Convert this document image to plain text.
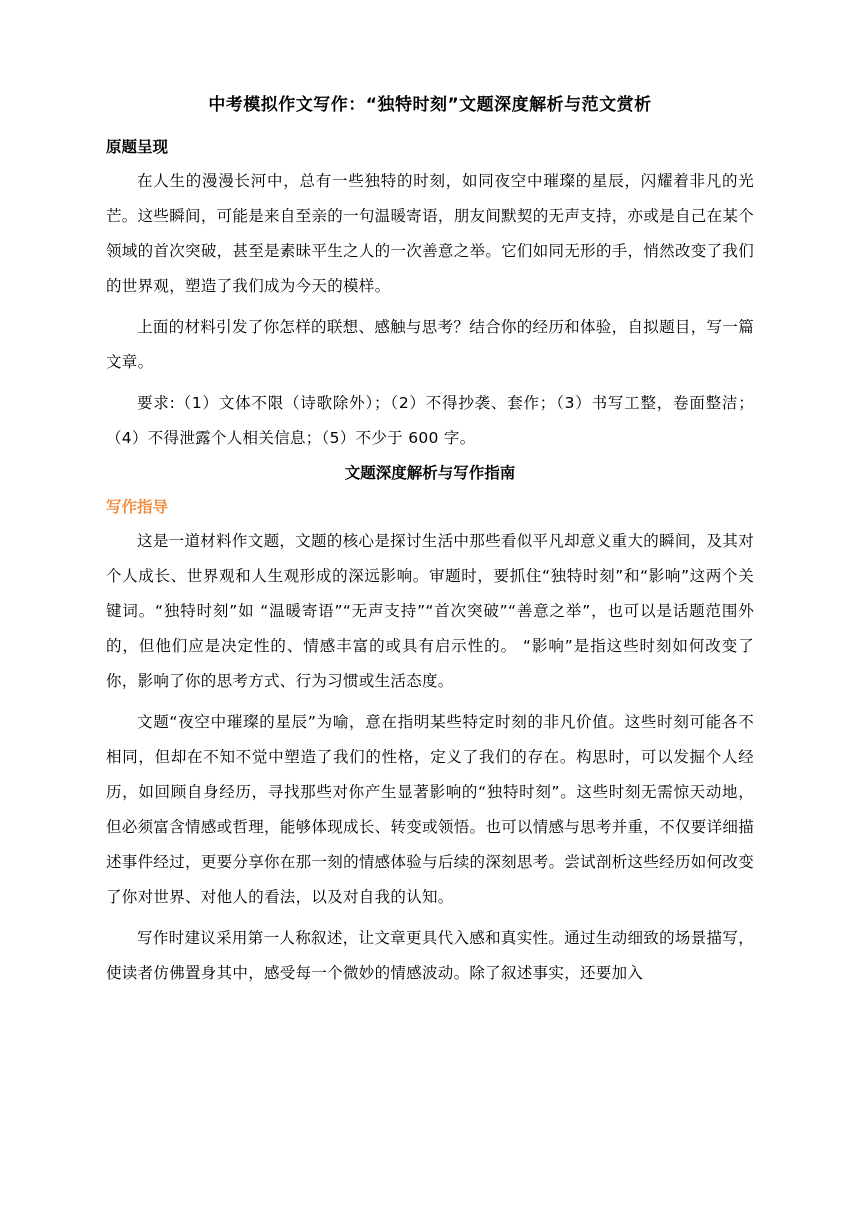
中考模拟作文写作：“独特时刻”文题深度解析与范文赏析
原题呈现

在人生的漫漫长河中，总有一些独特的时刻，如同夜空中璀璨的星辰，闪耀着非凡的光芒。这些瞬间，可能是来自至亲的一句温暖寄语，朋友间默契的无声支持，亦或是自己在某个领域的首次突破，甚至是素昧平生之人的一次善意之举。它们如同无形的手，悄然改变了我们的世界观，塑造了我们成为今天的模样。

上面的材料引发了你怎样的联想、感触与思考？结合你的经历和体验，自拟题目，写一篇文章。

要求:（1）文体不限（诗歌除外）；（2）不得抄袭、套作；（3）书写工整，卷面整洁；（4）不得泄露个人相关信息；（5）不少于 600 字。

文题深度解析与写作指南
写作指导

这是一道材料作文题，文题的核心是探讨生活中那些看似平凡却意义重大的瞬间，及其对个人成长、世界观和人生观形成的深远影响。审题时，要抓住“独特时刻”和“影响”这两个关键词。“独特时刻”如 “温暖寄语”“无声支持”“首次突破”“善意之举”，也可以是话题范围外的，但他们应是决定性的、情感丰富的或具有启示性的。 “影响”是指这些时刻如何改变了你，影响了你的思考方式、行为习惯或生活态度。

文题“夜空中璀璨的星辰”为喻，意在指明某些特定时刻的非凡价值。这些时刻可能各不相同，但却在不知不觉中塑造了我们的性格，定义了我们的存在。构思时，可以发掘个人经历，如回顾自身经历，寻找那些对你产生显著影响的“独特时刻”。这些时刻无需惊天动地，但必须富含情感或哲理，能够体现成长、转变或领悟。也可以情感与思考并重，不仅要详细描述事件经过，更要分享你在那一刻的情感体验与后续的深刻思考。尝试剖析这些经历如何改变了你对世界、对他人的看法，以及对自我的认知。

写作时建议采用第一人称叙述，让文章更具代入感和真实性。通过生动细致的场景描写，使读者仿佛置身其中，感受每一个微妙的情感波动。除了叙述事实，还要加入
